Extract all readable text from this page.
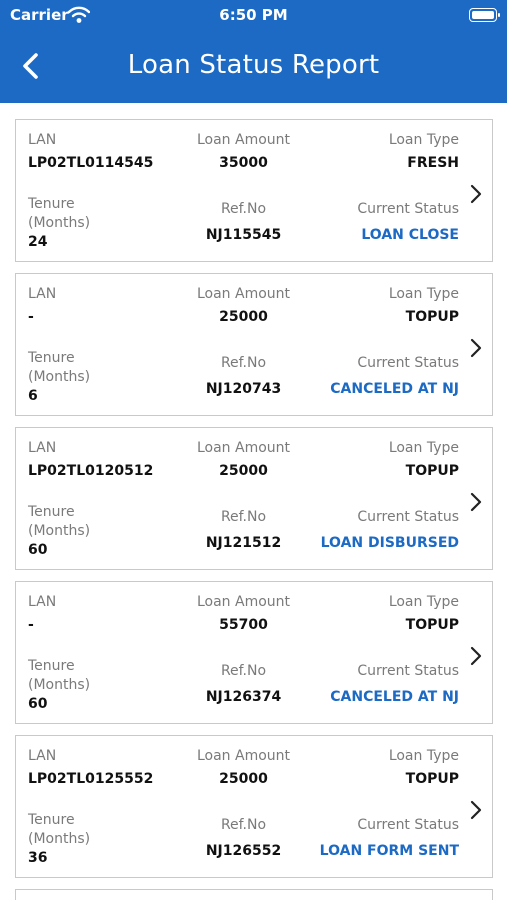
Carrier	6:50 PM
Loan Status Report
LAN
LP02TL0114545
Loan Amount
35000
Loan Type
FRESH
Tenure
(Months)
24
Ref.No
NJ115545
Current Status
LOAN CLOSE
LAN
-
Loan Amount
25000
Loan Type
TOPUP
Tenure
(Months)
6
Ref.No
NJ120743
Current Status
CANCELED AT NJ
LAN
LP02TL0120512
Loan Amount
25000
Loan Type
TOPUP
Tenure
(Months)
60
Ref.No
NJ121512
Current Status
LOAN DISBURSED
LAN
-
Loan Amount
55700
Loan Type
TOPUP
Tenure
(Months)
60
Ref.No
NJ126374
Current Status
CANCELED AT NJ
LAN
LP02TL0125552
Loan Amount
25000
Loan Type
TOPUP
Tenure
(Months)
36
Ref.No
NJ126552
Current Status
LOAN FORM SENT
